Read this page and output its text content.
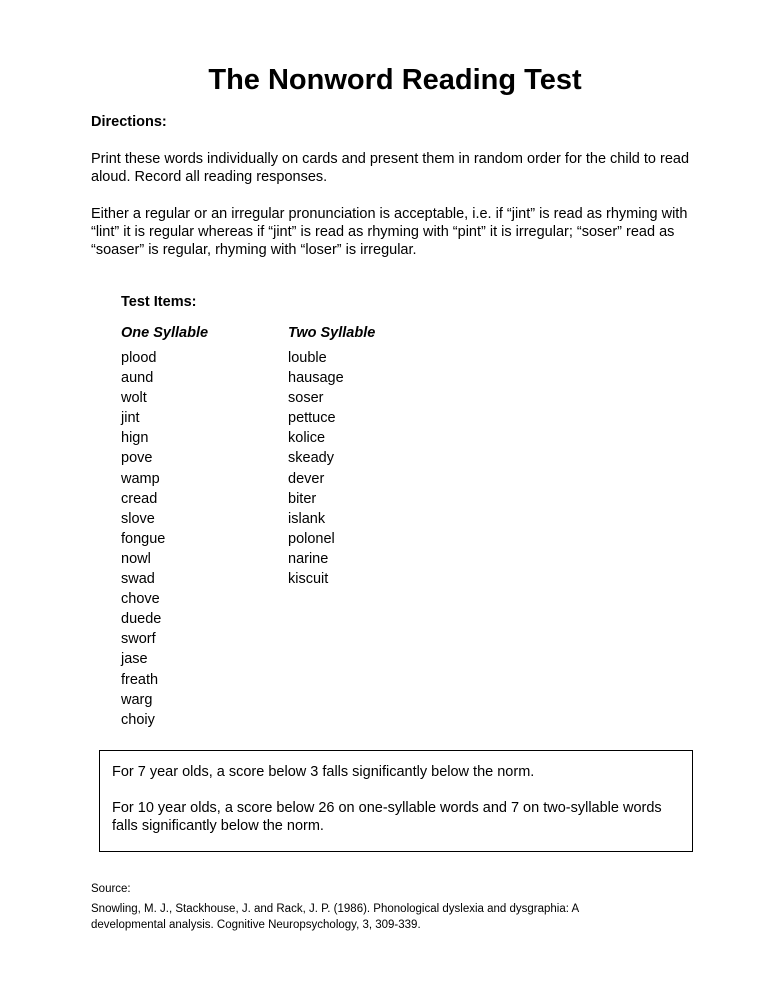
The Nonword Reading Test
Directions:
Print these words individually on cards and present them in random order for the child to read aloud. Record all reading responses.
Either a regular or an irregular pronunciation is acceptable, i.e. if “jint” is read as rhyming with “lint” it is regular whereas if “jint” is read as rhyming with “pint” it is irregular; “soser” read as “soaser” is regular, rhyming with “loser” is irregular.
Test Items:
One Syllable
plood
aund
wolt
jint
hign
pove
wamp
cread
slove
fongue
nowl
swad
chove
duede
sworf
jase
freath
warg
choiy
Two Syllable
louble
hausage
soser
pettuce
kolice
skeady
dever
biter
islank
polonel
narine
kiscuit

For 7 year olds, a score below 3 falls significantly below the norm.

For 10 year olds, a score below 26 on one-syllable words and 7 on two-syllable words falls significantly below the norm.

Source:
Snowling, M. J., Stackhouse, J. and Rack, J. P. (1986). Phonological dyslexia and dysgraphia: A developmental analysis. Cognitive Neuropsychology, 3, 309-339.
